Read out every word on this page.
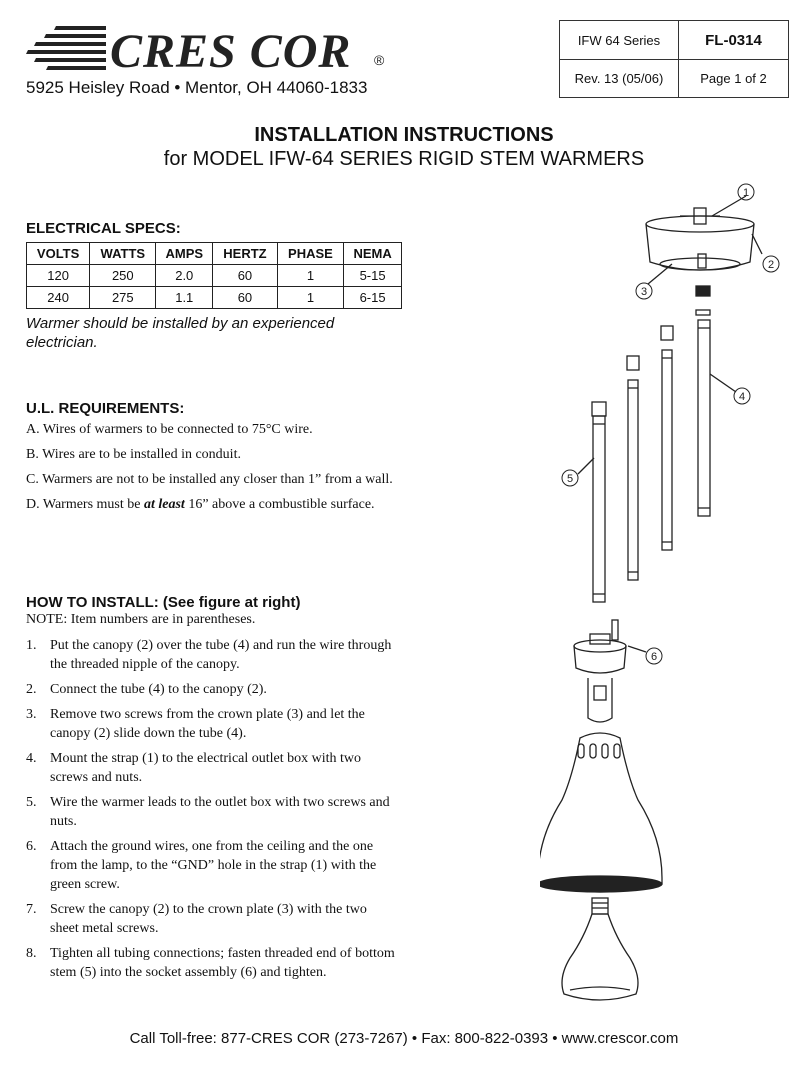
CRES COR ®
5925 Heisley Road • Mentor, OH 44060-1833
IFW 64 Series	FL-0314
Rev. 13 (05/06)	Page 1 of 2
INSTALLATION INSTRUCTIONS
for MODEL IFW-64 SERIES RIGID STEM WARMERS
ELECTRICAL SPECS:
VOLTS	WATTS	AMPS	HERTZ	PHASE	NEMA
120	250	2.0	60	1	5-15
240	275	1.1	60	1	6-15
Warmer should be installed by an experienced electrician.
U.L. REQUIREMENTS:
A. Wires of warmers to be connected to 75°C wire.
B. Wires are to be installed in conduit.
C. Warmers are not to be installed any closer than 1” from a wall.
D. Warmers must be at least 16” above a combustible surface.
HOW TO INSTALL: (See figure at right)
NOTE: Item numbers are in parentheses.
1. Put the canopy (2) over the tube (4) and run the wire through the threaded nipple of the canopy.
2. Connect the tube (4) to the canopy (2).
3. Remove two screws from the crown plate (3) and let the canopy (2) slide down the tube (4).
4. Mount the strap (1) to the electrical outlet box with two screws and nuts.
5. Wire the warmer leads to the outlet box with two screws and nuts.
6. Attach the ground wires, one from the ceiling and the one from the lamp, to the “GND” hole in the strap (1) with the green screw.
7. Screw the canopy (2) to the crown plate (3) with the two sheet metal screws.
8. Tighten all tubing connections; fasten threaded end of bottom stem (5) into the socket assembly (6) and tighten.
1
2
3
4
5
6
Call Toll-free: 877-CRES COR (273-7267) • Fax: 800-822-0393 • www.crescor.com
